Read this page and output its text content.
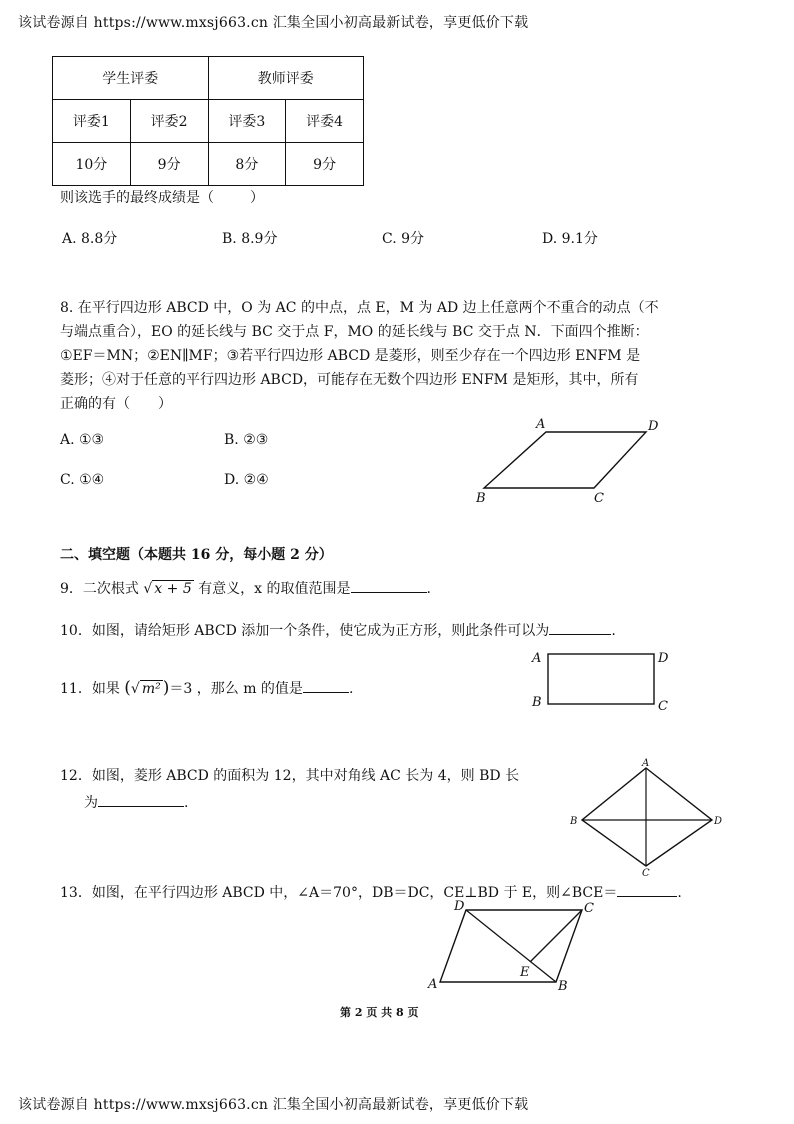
该试卷源自 https://www.mxsj663.cn 汇集全国小初高最新试卷，享更低价下载
学生评委		教师评委	
评委1	评委2	评委3	评委4
10分	9分	8分	9分
则该选手的最终成绩是（	）
A. 8.8分	B. 8.9分	C. 9分	D. 9.1分
8. 在平行四边形 ABCD 中，O 为 AC 的中点，点 E，M 为 AD 边上任意两个不重合的动点（不
与端点重合），EO 的延长线与 BC 交于点 F，MO 的延长线与 BC 交于点 N．下面四个推断：
①EF＝MN；②EN∥MF；③若平行四边形 ABCD 是菱形，则至少存在一个四边形 ENFM 是
菱形；④对于任意的平行四边形 ABCD，可能存在无数个四边形 ENFM 是矩形，其中，所有
正确的有（　　）
A. ①③	B. ②③
C. ①④	D. ②④
A	D
B	C
二、填空题（本题共 16 分，每小题 2 分）
9．二次根式 √ x + 5 有意义，x 的取值范围是	.
10．如图，请给矩形 ABCD 添加一个条件，使它成为正方形，则此条件可以为	.
A	D
B	C
11．如果 (√ m² )＝3 ，那么 m 的值是	.
12．如图，菱形 ABCD 的面积为 12，其中对角线 AC 长为 4，则 BD 长
为	.
A
B	D
C
13．如图，在平行四边形 ABCD 中，∠A＝70°，DB＝DC，CE⊥BD 于 E，则∠BCE＝	.
D	C
A
E
B
第 2 页 共 8 页
该试卷源自 https://www.mxsj663.cn 汇集全国小初高最新试卷，享更低价下载
